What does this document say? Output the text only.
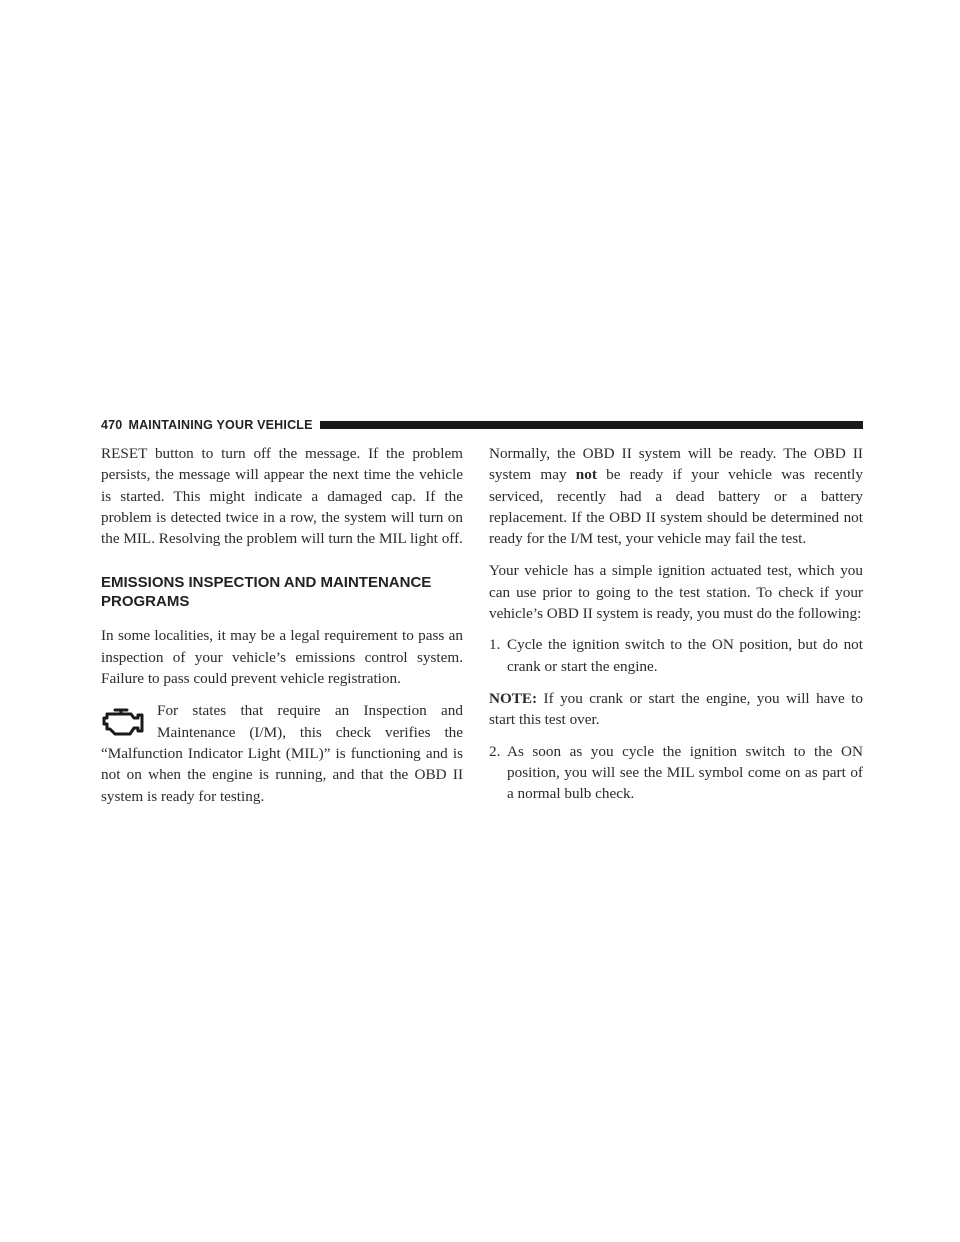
470 MAINTAINING YOUR VEHICLE

RESET button to turn off the message. If the problem persists, the message will appear the next time the vehicle is started. This might indicate a damaged cap. If the problem is detected twice in a row, the system will turn on the MIL. Resolving the problem will turn the MIL light off.

EMISSIONS INSPECTION AND MAINTENANCE
PROGRAMS

In some localities, it may be a legal requirement to pass an inspection of your vehicle’s emissions control system. Failure to pass could prevent vehicle registration.

For states that require an Inspection and Maintenance (I/M), this check verifies the “Malfunction Indicator Light (MIL)” is functioning and is not on when the engine is running, and that the OBD II system is ready for testing.

Normally, the OBD II system will be ready. The OBD II system may not be ready if your vehicle was recently serviced, recently had a dead battery or a battery replacement. If the OBD II system should be determined not ready for the I/M test, your vehicle may fail the test.

Your vehicle has a simple ignition actuated test, which you can use prior to going to the test station. To check if your vehicle’s OBD II system is ready, you must do the following:

1. Cycle the ignition switch to the ON position, but do not crank or start the engine.

NOTE: If you crank or start the engine, you will have to start this test over.

2. As soon as you cycle the ignition switch to the ON position, you will see the MIL symbol come on as part of a normal bulb check.
